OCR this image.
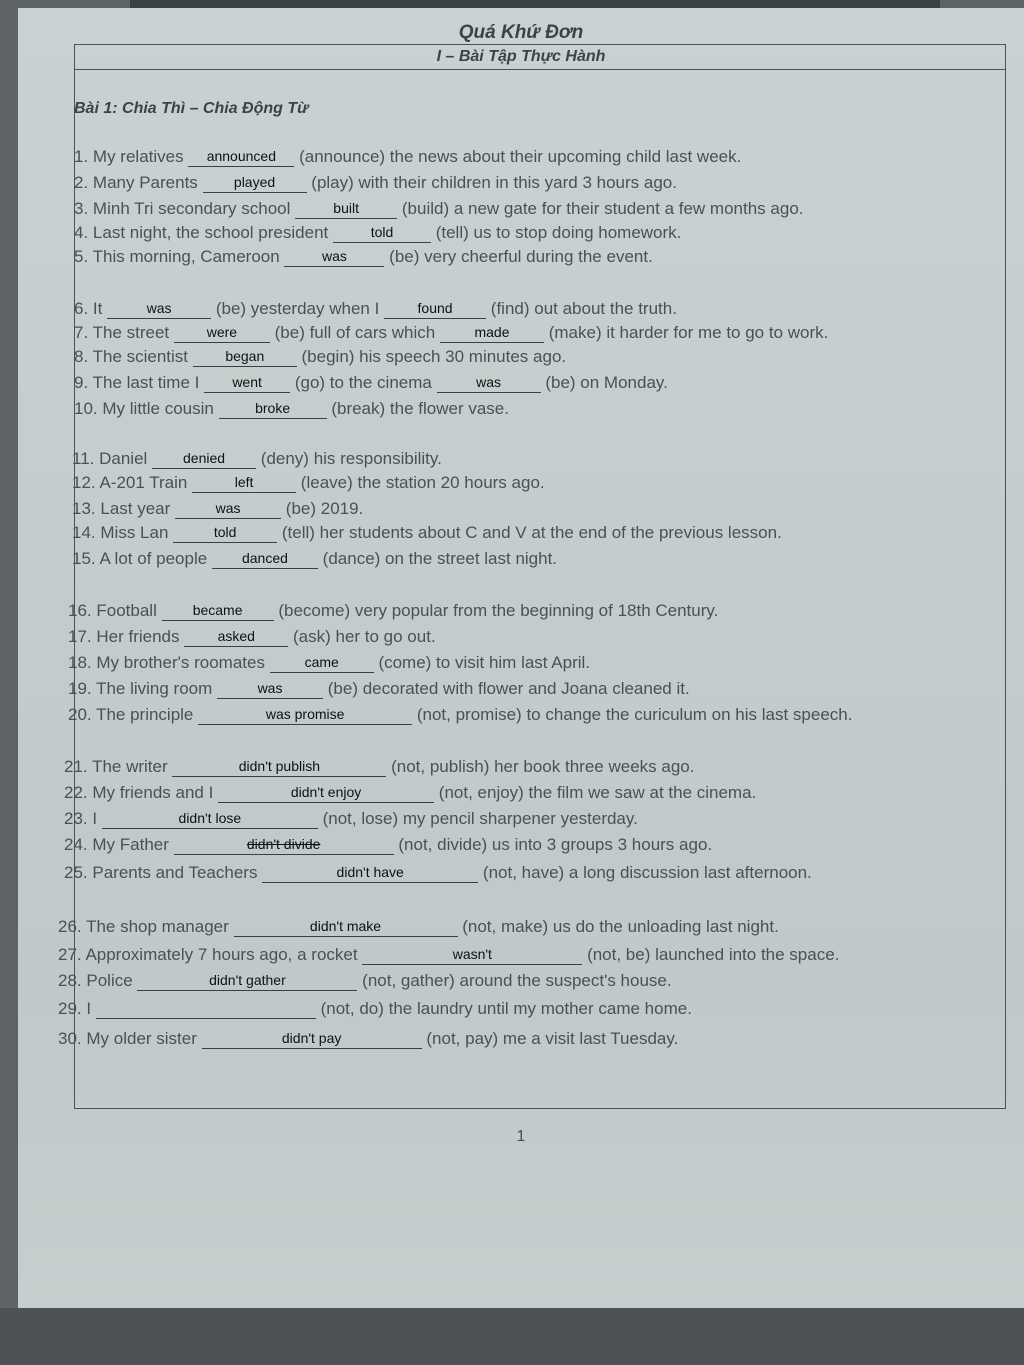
Quá Khứ Đơn
I – Bài Tập Thực Hành
Bài 1: Chia Thì – Chia Động Từ
1. My relatives	announced	(announce) the news about their upcoming child last week.
2. Many Parents	played	(play) with their children in this yard 3 hours ago.
3. Minh Tri secondary school	built	(build) a new gate for their student a few months ago.
4. Last night, the school president	told	(tell) us to stop doing homework.
5. This morning, Cameroon	was	(be) very cheerful during the event.
6. It	was	(be) yesterday when I	found	(find) out about the truth.
7. The street	were	(be) full of cars which	made	(make) it harder for me to go to work.
8. The scientist	began	(begin) his speech 30 minutes ago.
9. The last time I	went	(go) to the cinema	was	(be) on Monday.
10. My little cousin	broke	(break) the flower vase.
11. Daniel	denied	(deny) his responsibility.
12. A-201 Train	left	(leave) the station 20 hours ago.
13. Last year	was	(be) 2019.
14. Miss Lan	told	(tell) her students about C and V at the end of the previous lesson.
15. A lot of people	danced	(dance) on the street last night.
16. Football	became	(become) very popular from the beginning of 18th Century.
17. Her friends	asked	(ask) her to go out.
18. My brother's roomates	came	(come) to visit him last April.
19. The living room	was	(be) decorated with flower and Joana cleaned it.
20. The principle	was promise	(not, promise) to change the curiculum on his last speech.
21. The writer	didn't publish	(not, publish) her book three weeks ago.
22. My friends and I	didn't enjoy	(not, enjoy) the film we saw at the cinema.
23. I	didn't lose	(not, lose) my pencil sharpener yesterday.
24. My Father	didn't divide	(not, divide) us into 3 groups 3 hours ago.
25. Parents and Teachers	didn't have	(not, have) a long discussion last afternoon.
26. The shop manager	didn't make	(not, make) us do the unloading last night.
27. Approximately 7 hours ago, a rocket	wasn't	(not, be) launched into the space.
28. Police	didn't gather	(not, gather) around the suspect's house.
29. I	(not, do) the laundry until my mother came home.
30. My older sister	didn't pay	(not, pay) me a visit last Tuesday.
1
